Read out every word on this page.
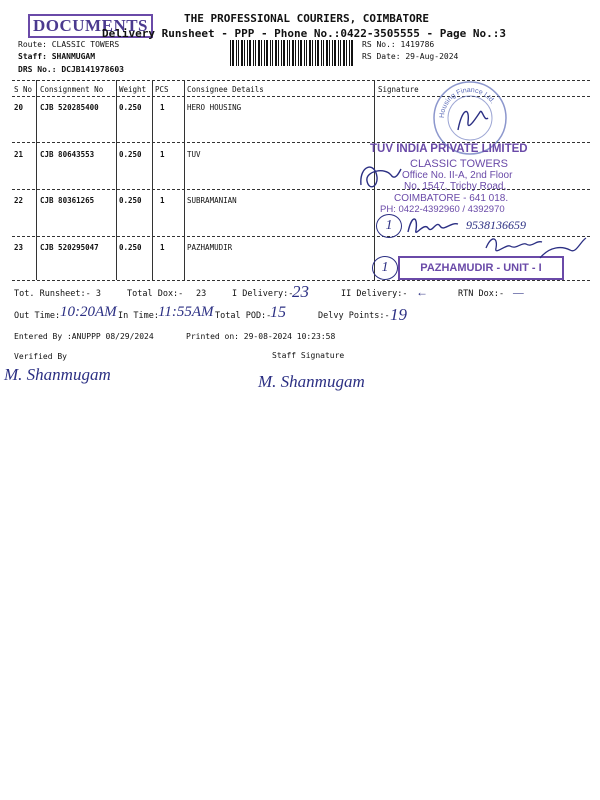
DOCUMENTS	THE PROFESSIONAL COURIERS, COIMBATORE
Delivery Runsheet - PPP - Phone No.:0422-3505555 - Page No.:3
Route: CLASSIC TOWERS
Staff: SHANMUGAM
DRS No.: DCJB141978603
RS No.: 1419786
RS Date: 29-Aug-2024
S No Consignment No Weight PCS Consignee Details	Signature
20 CJB 520285400	0.250 1	HERO HOUSING
21 CJB 80643553	0.250 1	TUV
22 CJB 80361265	0.250 1	SUBRAMANIAN
23 CJB 520295047	0.250 1	PAZHAMUDIR
Housing Finance Ltd.
TUV INDIA PRIVATE LIMITED
CLASSIC TOWERS
Office No. II-A, 2nd Floor
No. 1547, Trichy Road,
COIMBATORE - 641 018.
PH: 0422-4392960 / 4392970
1	9538136659
1	PAZHAMUDIR - UNIT - I
Tot. Runsheet:- 3	Total Dox:- 23	I Delivery:-
23	II Delivery:- ←	RTN Dox:- —
Out Time: 10:20AM In Time: 11:55AM Total POD:-
15	Delvy Points:- 19
Entered By :ANUPPP 08/29/2024	Printed on: 29-08-2024 10:23:58
Verified By	Staff Signature
M. Shanmugam	M. Shanmugam
